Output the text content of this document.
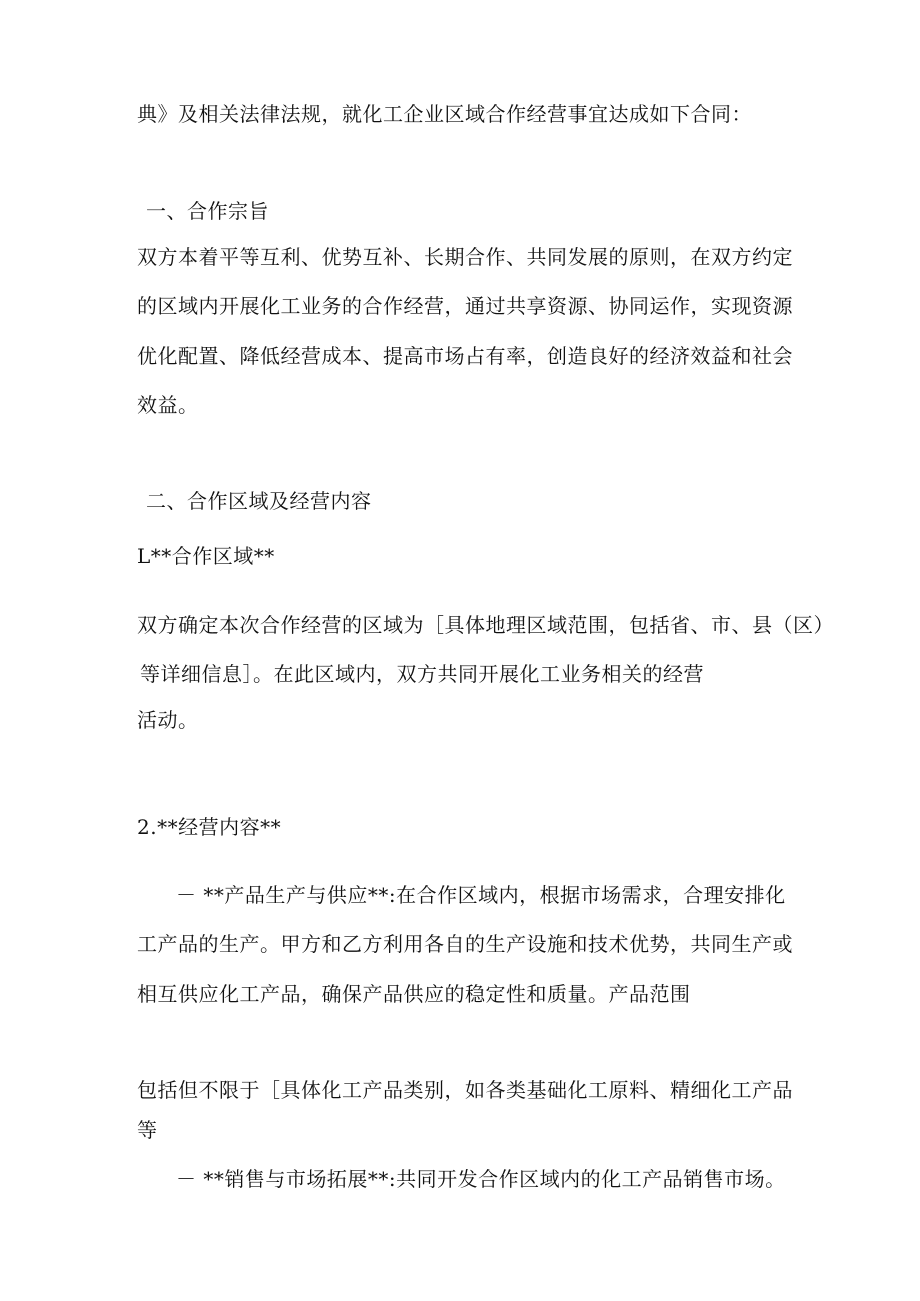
典》及相关法律法规，就化工企业区域合作经营事宜达成如下合同：
一、合作宗旨
双方本着平等互利、优势互补、长期合作、共同发展的原则，在双方约定
的区域内开展化工业务的合作经营，通过共享资源、协同运作，实现资源
优化配置、降低经营成本、提高市场占有率，创造良好的经济效益和社会
效益。
二、合作区域及经营内容
L**合作区域**
双方确定本次合作经营的区域为［具体地理区域范围，包括省、市、县（区）
等详细信息］。在此区域内，双方共同开展化工业务相关的经营
活动。
2.**经营内容**
－ **产品生产与供应**:在合作区域内，根据市场需求，合理安排化
工产品的生产。甲方和乙方利用各自的生产设施和技术优势，共同生产或
相互供应化工产品，确保产品供应的稳定性和质量。产品范围
包括但不限于［具体化工产品类别，如各类基础化工原料、精细化工产品
等
－ **销售与市场拓展**:共同开发合作区域内的化工产品销售市场。
